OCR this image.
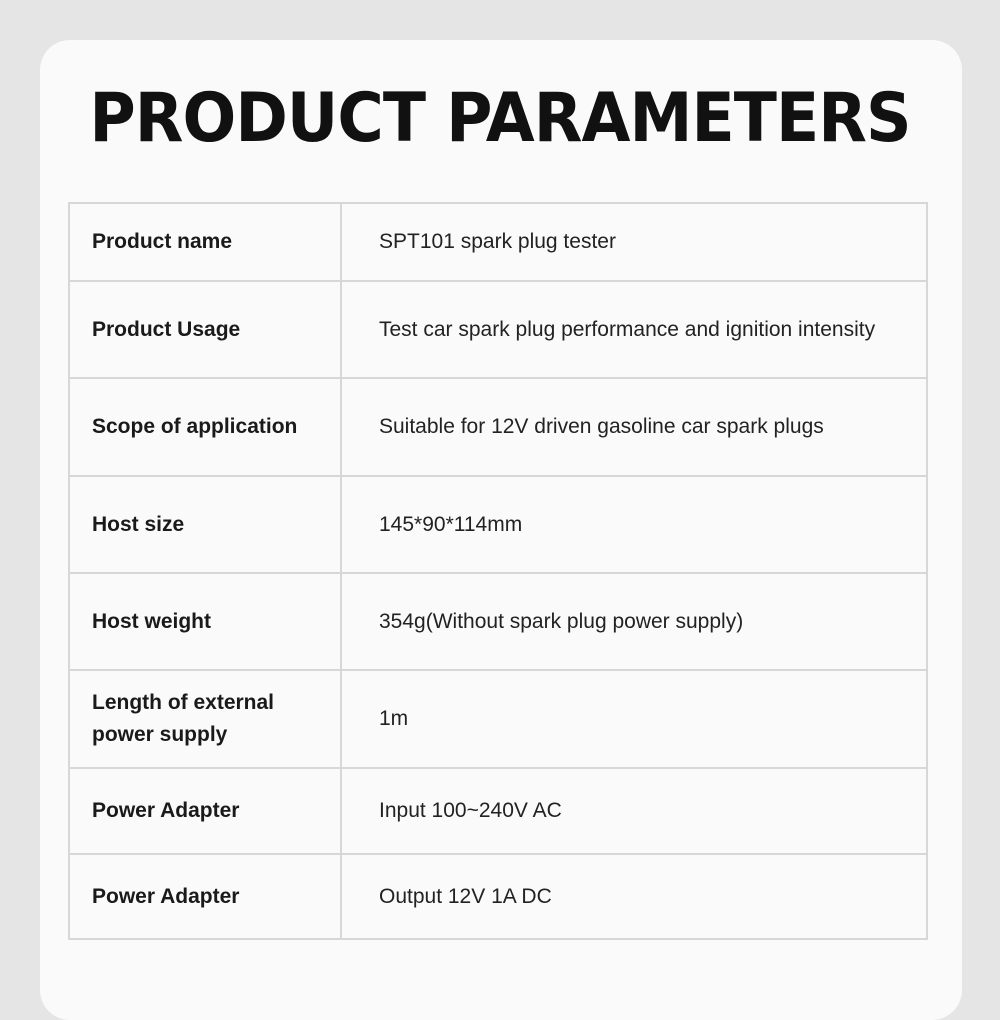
PRODUCT PARAMETERS
Product name	SPT101 spark plug tester
Product Usage	Test car spark plug performance and ignition intensity
Scope of application	Suitable for 12V driven gasoline car spark plugs
Host size	145*90*114mm
Host weight	354g(Without spark plug power supply)
Length of external power supply	1m
Power Adapter	Input 100~240V AC
Power Adapter	Output 12V 1A DC
